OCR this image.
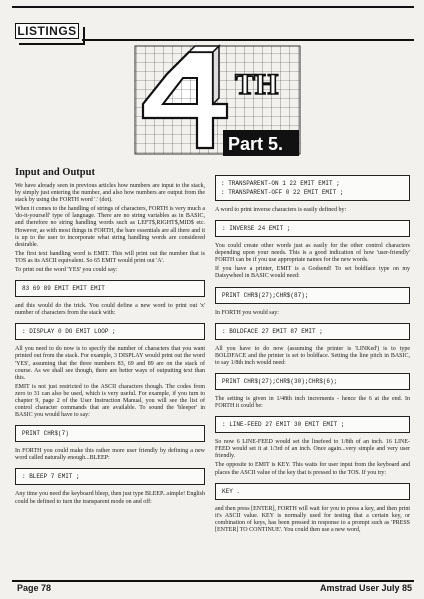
LISTINGS
TH
Part 5.
Input and Output

We have already seen in previous articles how numbers are input to the stack, by simply just entering the number, and also how numbers are output from the stack by using the FORTH word '.' (dot).

When it comes to the handling of strings of characters, FORTH is very much a 'do-it-yourself' type of language. There are no string variables as in BASIC, and therefore no string handling words such as LEFT$,RIGHT$,MID$ etc. However, as with most things in FORTH, the bare essentials are all there and it is up to the user to incorporate what string handling words are considered desirable.

The first text handling word is EMIT. This will print out the number that is TOS as its ASCII equivalent. So 65 EMIT would print out 'A'.

To print out the word 'YES' you could say:

83 69 89 EMIT EMIT EMIT

and this would do the trick. You could define a new word to print out 'x' number of characters from the stack with:

: DISPLAY 0 DO EMIT LOOP ;

All you need to do now is to specify the number of characters that you want printed out from the stack. For example, 3 DISPLAY would print out the word 'YES', assuming that the three numbers 83, 69 and 89 are on the stack of course. As we shall see though, there are better ways of outputting text than this.

EMIT is not just restricted to the ASCII characters though. The codes from zero to 31 can also be used, which is very useful. For example, if you turn to chapter 9, page 2 of the User Instruction Manual, you will see the list of control character commands that are available. To sound the 'bleeper' in BASIC you would have to say:

PRINT CHR$(7)

In FORTH you could make this rather more user friendly by defining a new word called naturally enough...BLEEP:

: BLEEP 7 EMIT ;

Any time you need the keyboard bleep, then just type BLEEP...simple! English could be defined to turn the transparent mode on and off:

: TRANSPARENT-ON 1 22 EMIT EMIT ;
: TRANSPARENT-OFF 0 22 EMIT EMIT ;

A word to print inverse characters is easily defined by:

: INVERSE 24 EMIT ;

You could create other words just as easily for the other control characters depending upon your needs. This is a good indication of how 'user-friendly' FORTH can be if you use appropriate names for the new words.

If you have a printer, EMIT is a Godsend! To set boldface type on my Daisywheel in BASIC would need:

PRINT CHR$(27);CHR$(87);

In FORTH you would say:

: BOLDFACE 27 EMIT 87 EMIT ;

All you have to do now (assuming the printer is 'LINKed') is to type BOLDFACE and the printer is set to boldface. Setting the line pitch in BASIC, to say 1/8th inch would need:

PRINT CHR$(27);CHR$(30);CHR$(6);

The setting is given in 1/48th inch increments - hence the 6 at the end. In FORTH it could be:

: LINE-FEED 27 EMIT 30 EMIT EMIT ;

So now 6 LINE-FEED would set the linefeed to 1/8th of an inch. 16 LINE-FEED would set it at 1/3rd of an inch. Once again...very simple and very user friendly.

The opposite to EMIT is KEY. This waits for user input from the keyboard and places the ASCII value of the key that is pressed to the TOS. If you try:

KEY .

and then press [ENTER], FORTH will wait for you to press a key, and then print it's ASCII value. KEY is normally used for testing that a certain key, or combination of keys, has been pressed in response to a prompt such as 'PRESS [ENTER] TO CONTINUE'. You could then use a new word,

Page 78	Amstrad User July 85
